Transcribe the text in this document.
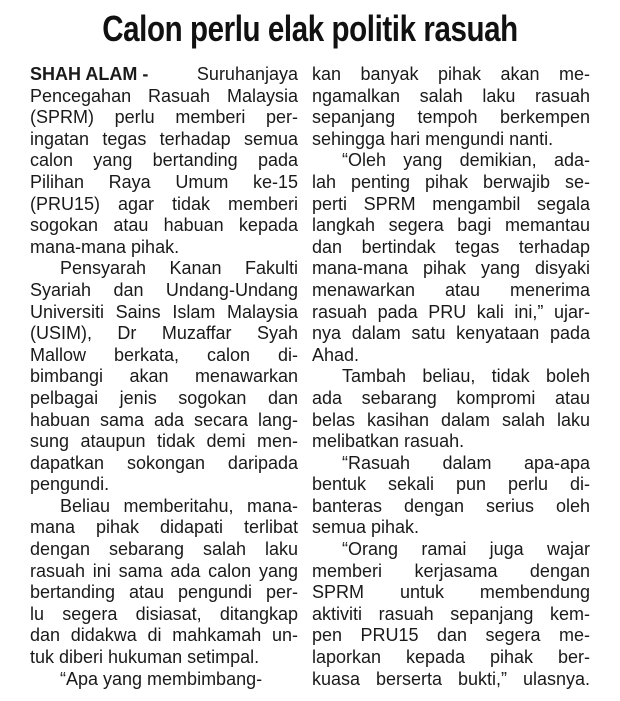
Calon perlu elak politik rasuah
SHAH ALAM -	Suruhanjaya
Pencegahan Rasuah Malaysia
(SPRM) perlu memberi per-
ingatan tegas terhadap semua
calon yang bertanding pada
Pilihan Raya Umum ke-15
(PRU15) agar tidak memberi
sogokan atau habuan kepada
mana-mana pihak.
Pensyarah Kanan Fakulti
Syariah dan Undang-Undang
Universiti Sains Islam Malaysia
(USIM), Dr Muzaffar Syah
Mallow berkata, calon di-
bimbangi akan menawarkan
pelbagai jenis sogokan dan
habuan sama ada secara lang-
sung ataupun tidak demi men-
dapatkan sokongan daripada
pengundi.
Beliau memberitahu, mana-
mana pihak didapati terlibat
dengan sebarang salah laku
rasuah ini sama ada calon yang
bertanding atau pengundi per-
lu segera disiasat, ditangkap
dan didakwa di mahkamah un-
tuk diberi hukuman setimpal.
“Apa yang membimbang-
kan banyak pihak akan me-
ngamalkan salah laku rasuah
sepanjang tempoh berkempen
sehingga hari mengundi nanti.
“Oleh yang demikian, ada-
lah penting pihak berwajib se-
perti SPRM mengambil segala
langkah segera bagi memantau
dan bertindak tegas terhadap
mana-mana pihak yang disyaki
menawarkan atau menerima
rasuah pada PRU kali ini,” ujar-
nya dalam satu kenyataan pada
Ahad.
Tambah beliau, tidak boleh
ada sebarang kompromi atau
belas kasihan dalam salah laku
melibatkan rasuah.
“Rasuah dalam apa-apa
bentuk sekali pun perlu di-
banteras dengan serius oleh
semua pihak.
“Orang ramai juga wajar
memberi kerjasama dengan
SPRM untuk membendung
aktiviti rasuah sepanjang kem-
pen PRU15 dan segera me-
laporkan kepada pihak ber-
kuasa berserta bukti,” ulasnya.
